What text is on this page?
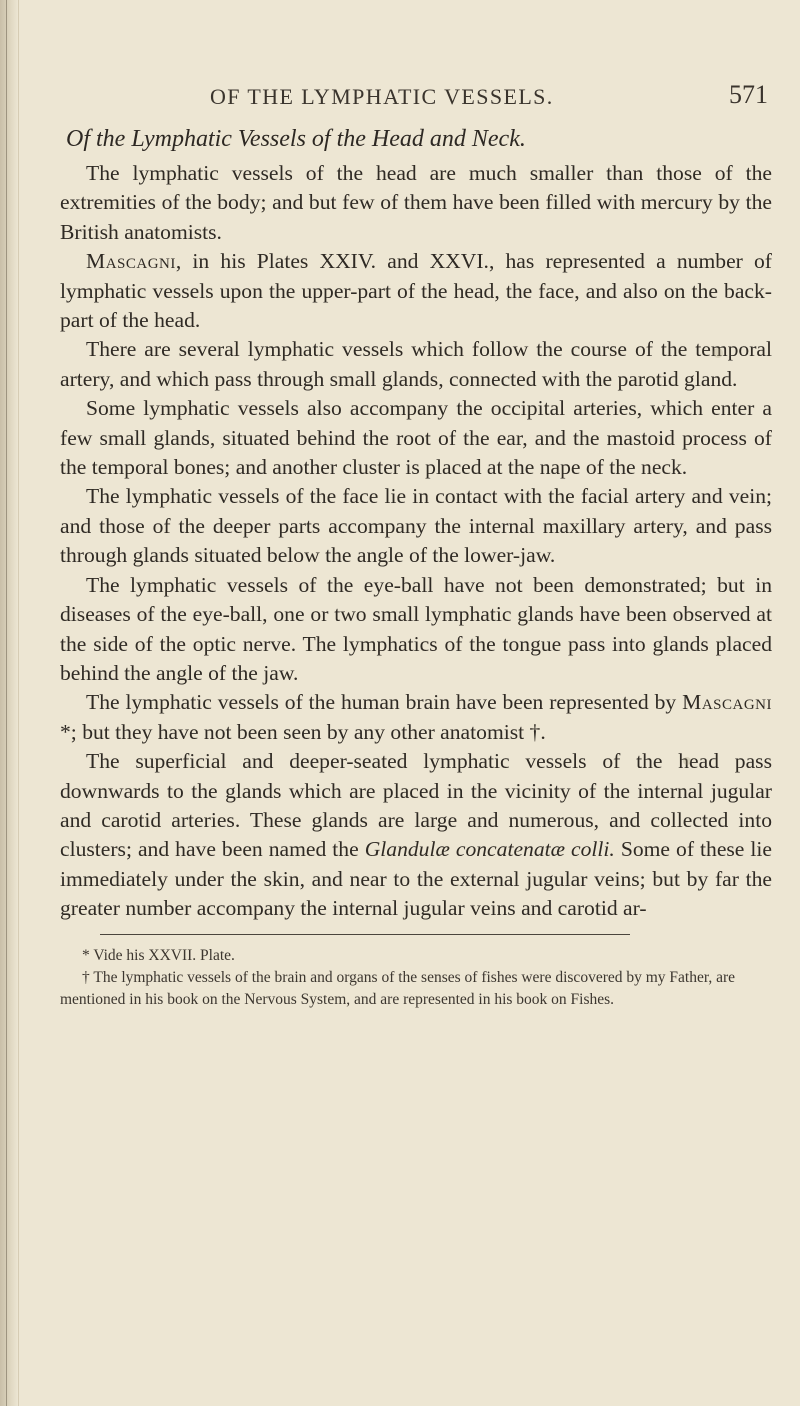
OF THE LYMPHATIC VESSELS.	571
Of the Lymphatic Vessels of the Head and Neck.

The lymphatic vessels of the head are much smaller than those of the extremities of the body; and but few of them have been filled with mercury by the British anatomists.

Mascagni, in his Plates XXIV. and XXVI., has represented a number of lymphatic vessels upon the upper-part of the head, the face, and also on the back-part of the head.

There are several lymphatic vessels which follow the course of the temporal artery, and which pass through small glands, connected with the parotid gland.

Some lymphatic vessels also accompany the occipital arteries, which enter a few small glands, situated behind the root of the ear, and the mastoid process of the temporal bones; and another cluster is placed at the nape of the neck.

The lymphatic vessels of the face lie in contact with the facial artery and vein; and those of the deeper parts accompany the internal maxillary artery, and pass through glands situated below the angle of the lower-jaw.

The lymphatic vessels of the eye-ball have not been demonstrated; but in diseases of the eye-ball, one or two small lymphatic glands have been observed at the side of the optic nerve. The lymphatics of the tongue pass into glands placed behind the angle of the jaw.

The lymphatic vessels of the human brain have been represented by Mascagni *; but they have not been seen by any other anatomist †.

The superficial and deeper-seated lymphatic vessels of the head pass downwards to the glands which are placed in the vicinity of the internal jugular and carotid arteries. These glands are large and numerous, and collected into clusters; and have been named the Glandulæ concatenatæ colli. Some of these lie immediately under the skin, and near to the external jugular veins; but by far the greater number accompany the internal jugular veins and carotid ar-

* Vide his XXVII. Plate.

† The lymphatic vessels of the brain and organs of the senses of fishes were discovered by my Father, are mentioned in his book on the Nervous System, and are represented in his book on Fishes.
